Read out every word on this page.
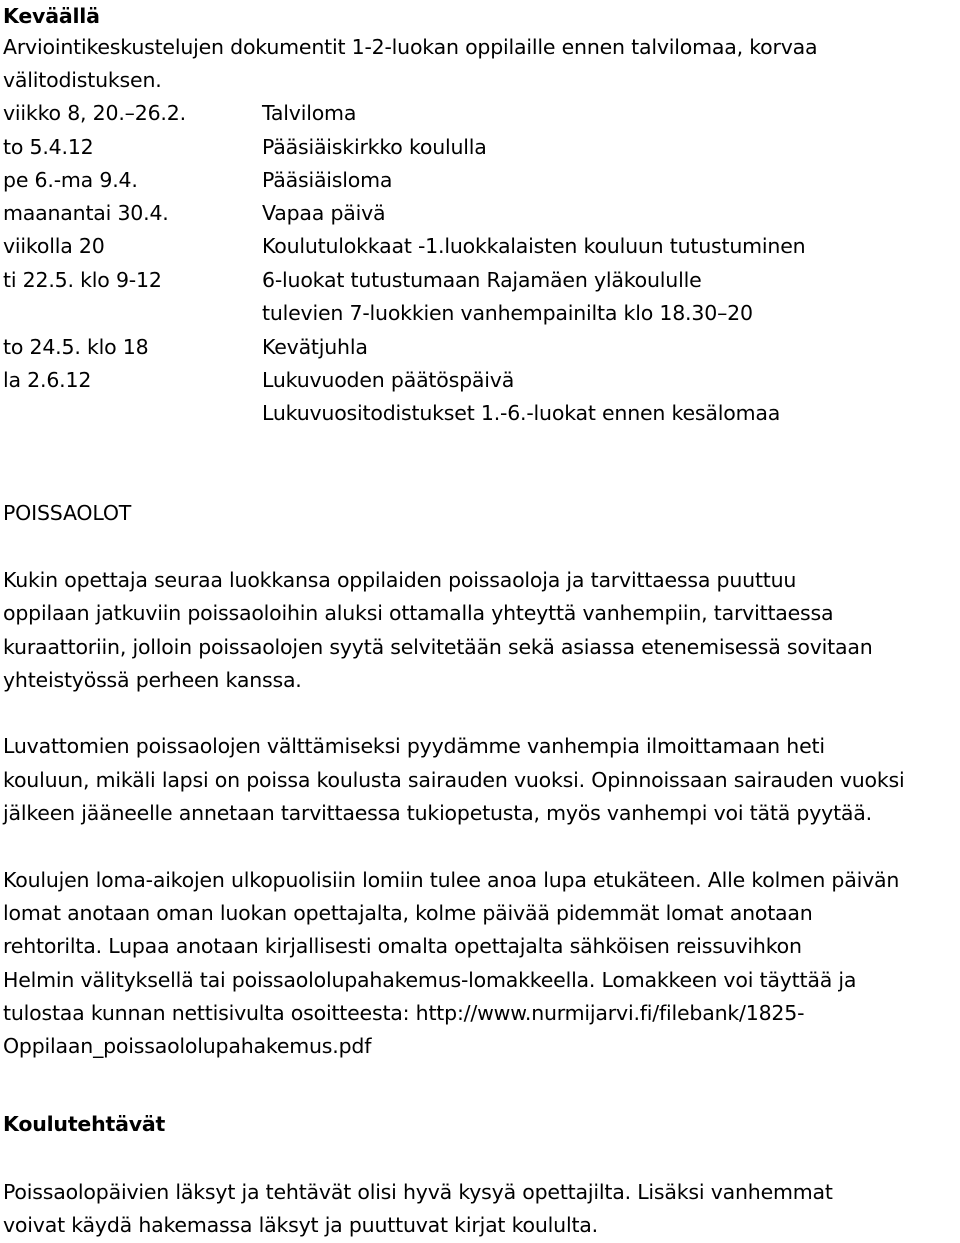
Keväällä
Arviointikeskustelujen dokumentit 1-2-luokan oppilaille ennen talvilomaa, korvaa
välitodistuksen.
viikko 8, 20.–26.2.	Talviloma
to 5.4.12	Pääsiäiskirkko koululla
pe 6.-ma 9.4.	Pääsiäisloma
maanantai 30.4.	Vapaa päivä
viikolla 20	Koulutulokkaat -1.luokkalaisten kouluun tutustuminen
ti 22.5. klo 9-12	6-luokat tutustumaan Rajamäen yläkoululle
tulevien 7-luokkien vanhempainilta klo 18.30–20
to 24.5. klo 18	Kevätjuhla
la 2.6.12	Lukuvuoden päätöspäivä
Lukuvuositodistukset 1.-6.-luokat ennen kesälomaa
POISSAOLOT
Kukin opettaja seuraa luokkansa oppilaiden poissaoloja ja tarvittaessa puuttuu
oppilaan jatkuviin poissaoloihin aluksi ottamalla yhteyttä vanhempiin, tarvittaessa
kuraattoriin, jolloin poissaolojen syytä selvitetään sekä asiassa etenemisessä sovitaan
yhteistyössä perheen kanssa.
Luvattomien poissaolojen välttämiseksi pyydämme vanhempia ilmoittamaan heti
kouluun, mikäli lapsi on poissa koulusta sairauden vuoksi. Opinnoissaan sairauden vuoksi
jälkeen jääneelle annetaan tarvittaessa tukiopetusta, myös vanhempi voi tätä pyytää.
Koulujen loma-aikojen ulkopuolisiin lomiin tulee anoa lupa etukäteen. Alle kolmen päivän
lomat anotaan oman luokan opettajalta, kolme päivää pidemmät lomat anotaan
rehtorilta. Lupaa anotaan kirjallisesti omalta opettajalta sähköisen reissuvihkon
Helmin välityksellä tai poissaololupahakemus-lomakkeella. Lomakkeen voi täyttää ja
tulostaa kunnan nettisivulta osoitteesta: http://www.nurmijarvi.fi/filebank/1825-
Oppilaan_poissaololupahakemus.pdf
Koulutehtävät
Poissaolopäivien läksyt ja tehtävät olisi hyvä kysyä opettajilta. Lisäksi vanhemmat
voivat käydä hakemassa läksyt ja puuttuvat kirjat koululta.
